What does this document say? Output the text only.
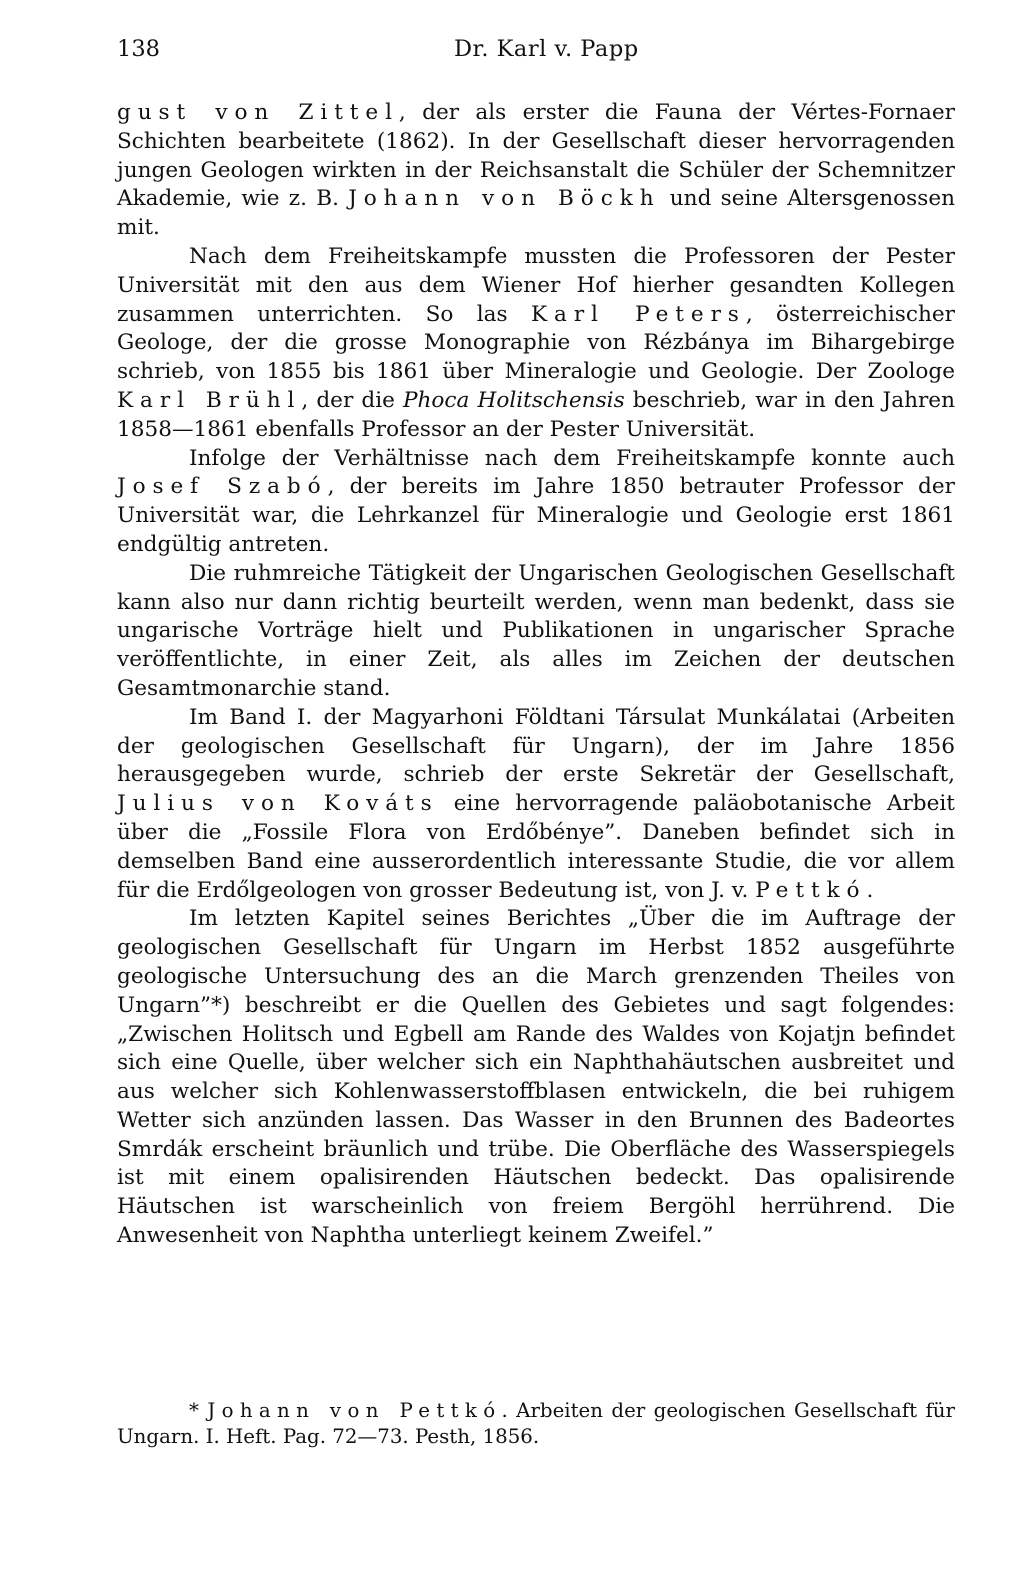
138	Dr. Karl v. Papp

gust von Zittel, der als erster die Fauna der Vértes-Fornaer Schichten bearbeitete (1862). In der Gesellschaft dieser hervorragenden jungen Geologen wirkten in der Reichsanstalt die Schüler der Schemnitzer Akademie, wie z. B. Johann von Böckh und seine Altersgenossen mit.

Nach dem Freiheitskampfe mussten die Professoren der Pester Universität mit den aus dem Wiener Hof hierher gesandten Kollegen zusammen unterrichten. So las Karl Peters, österreichischer Geologe, der die grosse Monographie von Rézbánya im Bihargebirge schrieb, von 1855 bis 1861 über Mineralogie und Geologie. Der Zoologe Karl Brühl, der die Phoca Holitschensis beschrieb, war in den Jahren 1858—1861 ebenfalls Professor an der Pester Universität.

Infolge der Verhältnisse nach dem Freiheitskampfe konnte auch Josef Szabó, der bereits im Jahre 1850 betrauter Professor der Universität war, die Lehrkanzel für Mineralogie und Geologie erst 1861 endgültig antreten.

Die ruhmreiche Tätigkeit der Ungarischen Geologischen Gesellschaft kann also nur dann richtig beurteilt werden, wenn man bedenkt, dass sie ungarische Vorträge hielt und Publikationen in ungarischer Sprache veröffentlichte, in einer Zeit, als alles im Zeichen der deutschen Gesamtmonarchie stand.

Im Band I. der Magyarhoni Földtani Társulat Munkálatai (Arbeiten der geologischen Gesellschaft für Ungarn), der im Jahre 1856 herausgegeben wurde, schrieb der erste Sekretär der Gesellschaft, Julius von Kováts eine hervorragende paläobotanische Arbeit über die „Fossile Flora von Erdőbénye”. Daneben befindet sich in demselben Band eine ausserordentlich interessante Studie, die vor allem für die Erdőlgeologen von grosser Bedeutung ist, von J. v. Pettkó.

Im letzten Kapitel seines Berichtes „Über die im Auftrage der geologischen Gesellschaft für Ungarn im Herbst 1852 ausgeführte geologische Untersuchung des an die March grenzenden Theiles von Ungarn”*) beschreibt er die Quellen des Gebietes und sagt folgendes: „Zwischen Holitsch und Egbell am Rande des Waldes von Kojatjn befindet sich eine Quelle, über welcher sich ein Naphthahäutschen ausbreitet und aus welcher sich Kohlenwasserstoffblasen entwickeln, die bei ruhigem Wetter sich anzünden lassen. Das Wasser in den Brunnen des Badeortes Smrdák erscheint bräunlich und trübe. Die Oberfläche des Wasserspiegels ist mit einem opalisirenden Häutschen bedeckt. Das opalisirende Häutschen ist warscheinlich von freiem Bergöhl herrührend. Die Anwesenheit von Naphtha unterliegt keinem Zweifel.”

* Johann von Pettkó. Arbeiten der geologischen Gesellschaft für Ungarn. I. Heft. Pag. 72—73. Pesth, 1856.
